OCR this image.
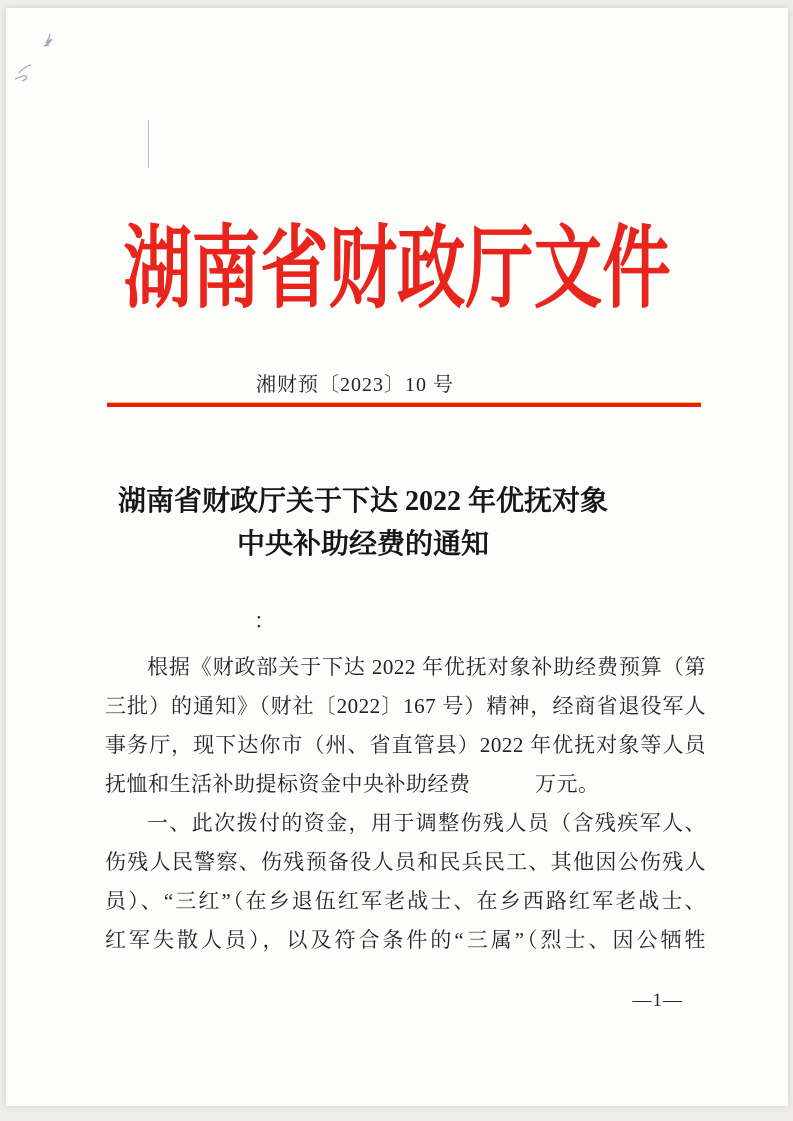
湖南省财政厅文件
湘财预〔2023〕10 号
湖南省财政厅关于下达 2022 年优抚对象
中央补助经费的通知
：

根据《财政部关于下达 2022 年优抚对象补助经费预算（第

三批）的通知》（财社〔2022〕167 号）精神，经商省退役军人

事务厅，现下达你市（州、省直管县）2022 年优抚对象等人员

抚恤和生活补助提标资金中央补助经费　　　万元。

一、此次拨付的资金，用于调整伤残人员（含残疾军人、

伤残人民警察、伤残预备役人员和民兵民工、其他因公伤残人

员）、“三红”（在乡退伍红军老战士、在乡西路红军老战士、

红军失散人员），以及符合条件的“三属”（烈士、因公牺牲

—1—
